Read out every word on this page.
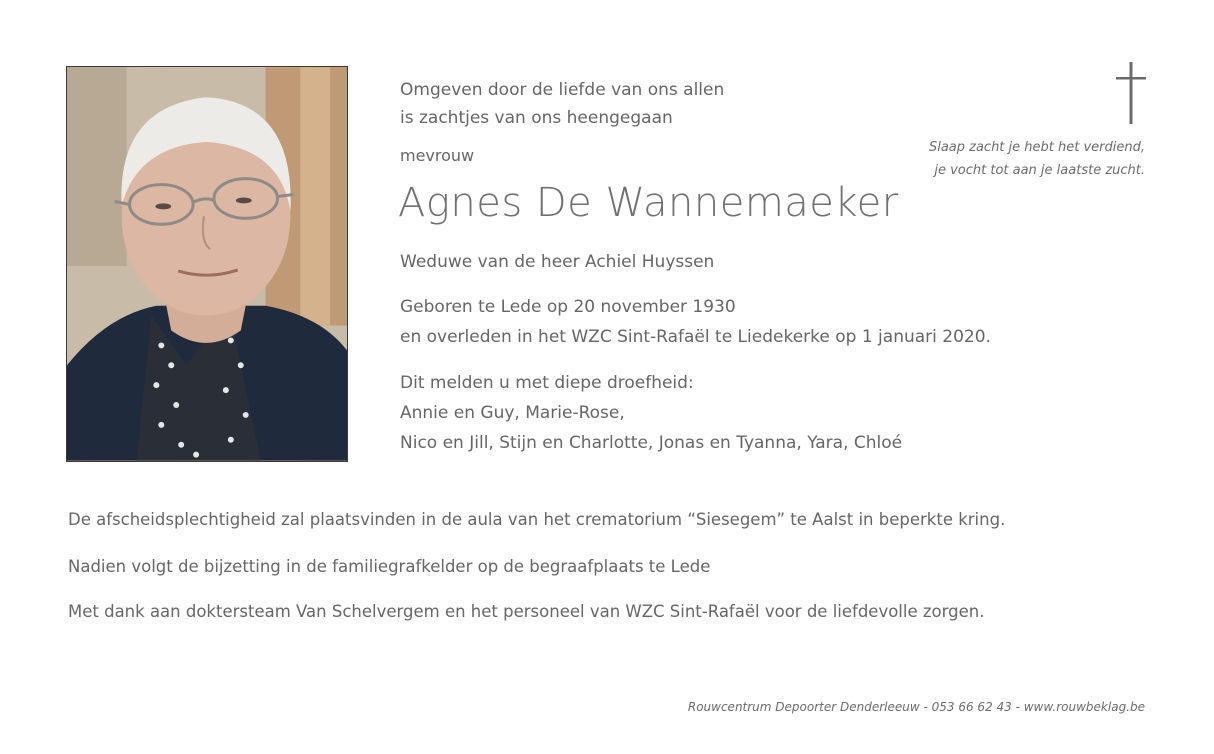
Omgeven door de liefde van ons allen
is zachtjes van ons heengegaan
mevrouw
Agnes De Wannemaeker
Weduwe van de heer Achiel Huyssen
Geboren te Lede op 20 november 1930
en overleden in het WZC Sint-Rafaël te Liedekerke op 1 januari 2020.
Dit melden u met diepe droefheid:
Annie en Guy, Marie-Rose,
Nico en Jill, Stijn en Charlotte, Jonas en Tyanna, Yara, Chloé
Slaap zacht je hebt het verdiend,
je vocht tot aan je laatste zucht.
De afscheidsplechtigheid zal plaatsvinden in de aula van het crematorium “Siesegem” te Aalst in beperkte kring.
Nadien volgt de bijzetting in de familiegrafkelder op de begraafplaats te Lede
Met dank aan doktersteam Van Schelvergem en het personeel van WZC Sint-Rafaël voor de liefdevolle zorgen.
Rouwcentrum Depoorter Denderleeuw - 053 66 62 43 - www.rouwbeklag.be
